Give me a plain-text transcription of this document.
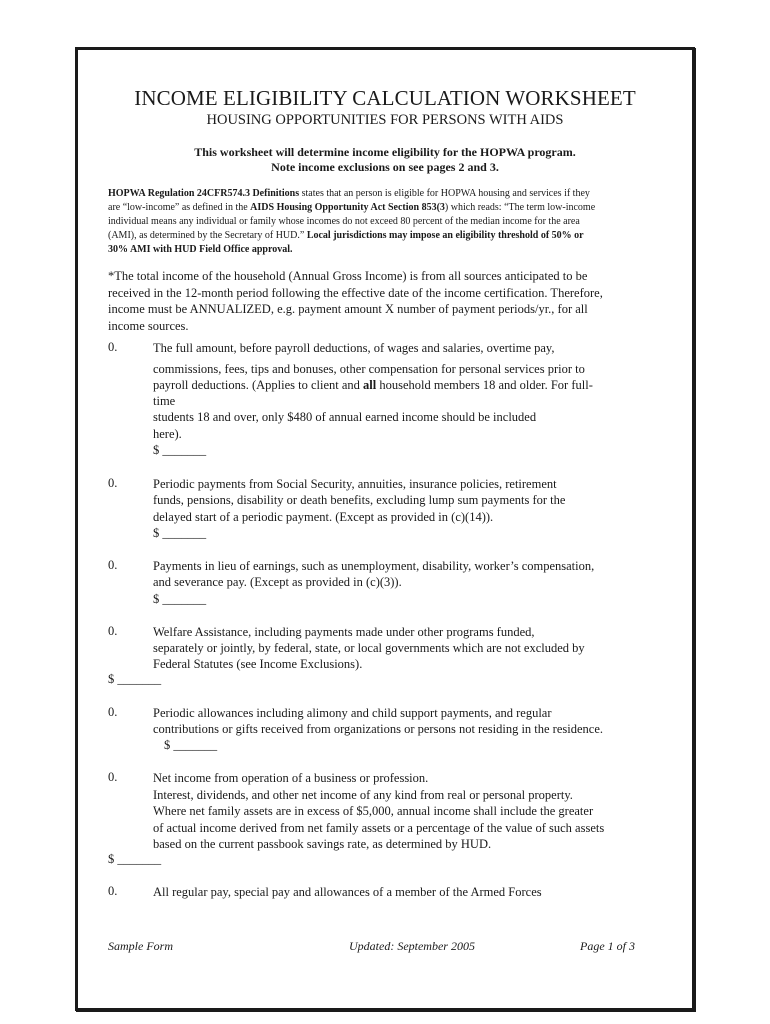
INCOME ELIGIBILITY CALCULATION WORKSHEET
HOUSING OPPORTUNITIES FOR PERSONS WITH AIDS
This worksheet will determine income eligibility for the HOPWA program.
Note income exclusions on see pages 2 and 3.
HOPWA Regulation 24CFR574.3 Definitions states that an person is eligible for HOPWA housing and services if they
are “low-income” as defined in the AIDS Housing Opportunity Act Section 853(3) which reads: “The term low-income
individual means any individual or family whose incomes do not exceed 80 percent of the median income for the area
(AMI), as determined by the Secretary of HUD.” Local jurisdictions may impose an eligibility threshold of 50% or
30% AMI with HUD Field Office approval.
*The total income of the household (Annual Gross Income) is from all sources anticipated to be
received in the 12-month period following the effective date of the income certification. Therefore,
income must be ANNUALIZED, e.g. payment amount X number of payment periods/yr., for all
income sources.
0.	The full amount, before payroll deductions, of wages and salaries, overtime pay,
commissions, fees, tips and bonuses, other compensation for personal services prior to
payroll deductions. (Applies to client and all household members 18 and older. For full-
time
students 18 and over, only $480 of annual earned income should be included
here).
$ _______
0.	Periodic payments from Social Security, annuities, insurance policies, retirement
funds, pensions, disability or death benefits, excluding lump sum payments for the
delayed start of a periodic payment. (Except as provided in (c)(14)).
$ _______
0.	Payments in lieu of earnings, such as unemployment, disability, worker’s compensation,
and severance pay. (Except as provided in (c)(3)).
$ _______
0.	Welfare Assistance, including payments made under other programs funded,
separately or jointly, by federal, state, or local governments which are not excluded by
Federal Statutes (see Income Exclusions).
$ _______
0.	Periodic allowances including alimony and child support payments, and regular
contributions or gifts received from organizations or persons not residing in the residence.
$ _______
0.	Net income from operation of a business or profession.
Interest, dividends, and other net income of any kind from real or personal property.
Where net family assets are in excess of $5,000, annual income shall include the greater
of actual income derived from net family assets or a percentage of the value of such assets
based on the current passbook savings rate, as determined by HUD.
$ _______
0.	All regular pay, special pay and allowances of a member of the Armed Forces
Sample Form	Updated: September 2005	Page 1 of 3
